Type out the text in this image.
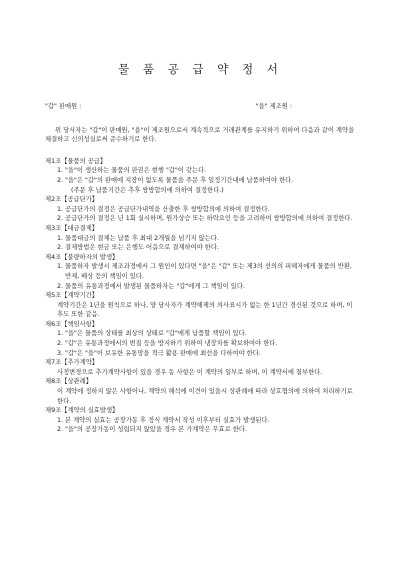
물 품 공 급 약 정 서
"갑" 판매원 :	"을" 제조원 :

위 당사자는 "갑"이 판매원, "을"이 제조원으로서 계속적으로 거래관계를 유지하기 위하여 다음과 같이 계약을 체결하고 신의성실로써 준수하기로 한다.

제1조【물품의 공급】

1. "을"이 생산하는 물품의 판권은 현행 "갑"이 갖는다.
2. "을"은 "갑"의 판매에 지장이 없도록 물품을 주문 후 일정기간내에 납품하여야 한다.

(주문 후 납품기간은 추후 쌍방합의에 의하여 결정한다.)

제2조【공급단가】

1. 공급단가의 결정은 공급단가내역을 산출한 후 쌍방합의에 의하여 결정한다.
2. 공급단가의 결정은 년 1회 실시하며, 원가상승 또는 하락요인 등을 고려하여 쌍방합의에 의하여 결정한다.

제3조【대금결제】

1. 물품대금의 결제는 납품 후 최대 2개월을 넘기지 않는다.
2. 결제방법은 현금 또는 은행도 어음으로 결제하여야 한다.

제4조【불량하자의 발생】

1. 물품하자 발생시 제조과정에서 그 원인이 있다면 "을"은 "갑" 또는 제3의 선의의 피해자에게 물품의 반환, 반제, 배상 등의 책임이 있다.
2. 물품의 유통과정에서 발생된 물품하자는 "갑"에게 그 책임이 있다.

제5조【계약기간】

계약기간은 1년을 원칙으로 하나, 양 당사자가 계약해제의 의사표시가 없는 한 1년간 경신된 것으로 하며, 이후도 또한 같음.

제6조【책임사항】

1. "을"은 물품의 상태를 최상의 상태로 "갑"에게 납품할 책임이 있다.
2. "갑"은 유통과정에서의 변질 등을 방지하기 위하여 냉장차를 확보하여야 한다.
3. "갑"은 "을"이 보유한 유통망을 적극 활용 판매에 최선을 다하여야 한다.

제7조【추가계약】

사정변경으로 추가계약사항이 있을 경우 동 사항은 이 계약의 일부로 하며, 이 계약서에 첨부한다.

제8조【상관례】

이 계약에 정하지 않은 사항이나, 계약의 해석에 이견이 있을시 상관례에 따라 상호협의에 의하여 처리하기로 한다.

제9조【계약의 실효발생】

1. 본 계약의 실효는 공장가동 후 정식 계약서 작성 이후부터 실효가 발생된다.
2. "을"의 공장가동이 성립되지 않았을 경우 본 가계약은 무효로 한다.
